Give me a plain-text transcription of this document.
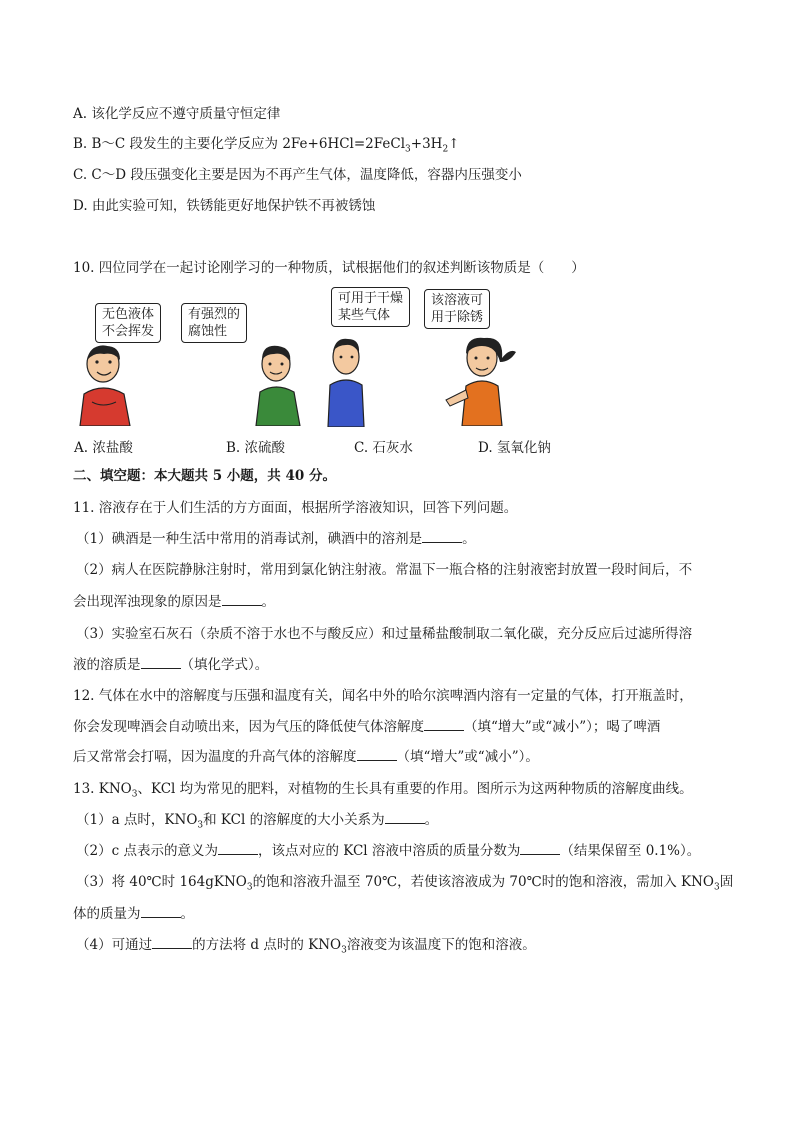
A. 该化学反应不遵守质量守恒定律
B. B～C 段发生的主要化学反应为 $2Fe+6HCl=2FeCl_3+3H_2↑$
C. C～D 段压强变化主要是因为不再产生气体，温度降低，容器内压强变小
D. 由此实验可知，铁锈能更好地保护铁不再被锈蚀
10. 四位同学在一起讨论刚学习的一种物质，试根据他们的叙述判断该物质是（　　）
无色液体
不会挥发
有强烈的
腐蚀性
可用于干燥
某些气体
该溶液可
用于除锈
A. 浓盐酸	B. 浓硫酸	C. 石灰水	D. 氢氧化钠
二、填空题：本大题共 5 小题，共 40 分。
11. 溶液存在于人们生活的方方面面，根据所学溶液知识，回答下列问题。
（1）碘酒是一种生活中常用的消毒试剂，碘酒中的溶剂是	。
（2）病人在医院静脉注射时，常用到氯化钠注射液。常温下一瓶合格的注射液密封放置一段时间后，不
会出现浑浊现象的原因是	。
（3）实验室石灰石（杂质不溶于水也不与酸反应）和过量稀盐酸制取二氧化碳，充分反应后过滤所得溶
液的溶质是	（填化学式）。
12. 气体在水中的溶解度与压强和温度有关，闻名中外的哈尔滨啤酒内溶有一定量的气体，打开瓶盖时，
你会发现啤酒会自动喷出来，因为气压的降低使气体溶解度	（填“增大”或“减小”）；喝了啤酒
后又常常会打嗝，因为温度的升高气体的溶解度	（填“增大”或“减小”）。
13. $KNO_3$、KCl 均为常见的肥料，对植物的生长具有重要的作用。图所示为这两种物质的溶解度曲线。
（1）a 点时，$KNO_3$和 KCl 的溶解度的大小关系为	。
（2）c 点表示的意义为	，该点对应的 KCl 溶液中溶质的质量分数为	（结果保留至 0.1%）。
（3）将 40℃时 164gKNO$_3$的饱和溶液升温至 70℃，若使该溶液成为 70℃时的饱和溶液，需加入 $KNO_3$固
体的质量为	。
（4）可通过	的方法将 d 点时的 $KNO_3$溶液变为该温度下的饱和溶液。
